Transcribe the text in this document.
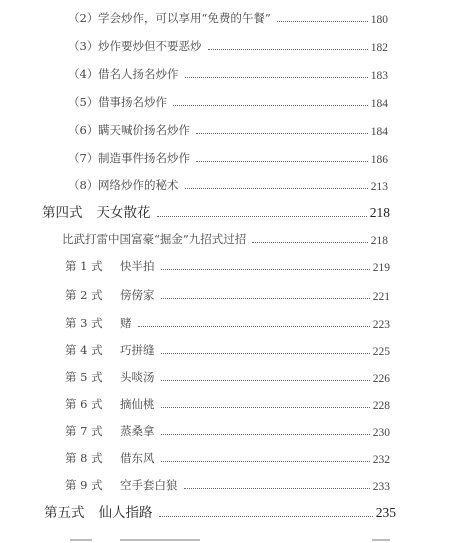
（2） 学会炒作，可以享用“免费的午餐”	180
（3） 炒作要炒但不要恶炒	182
（4） 借名人扬名炒作	183
（5） 借事扬名炒作	184
（6） 瞒天喊价扬名炒作	184
（7） 制造事件扬名炒作	186
（8） 网络炒作的秘术	213
第四式 天女散花	218
比武打雷中国富豪“掘金”九招式过招	218
第 1 式	快半拍	219
第 2 式	傍傍家	221
第 3 式	赌	223
第 4 式	巧拼缝	225
第 5 式	头啖汤	226
第 6 式	摘仙桃	228
第 7 式	蒸桑拿	230
第 8 式	借东风	232
第 9 式	空手套白狼	233
第五式 仙人指路	235
